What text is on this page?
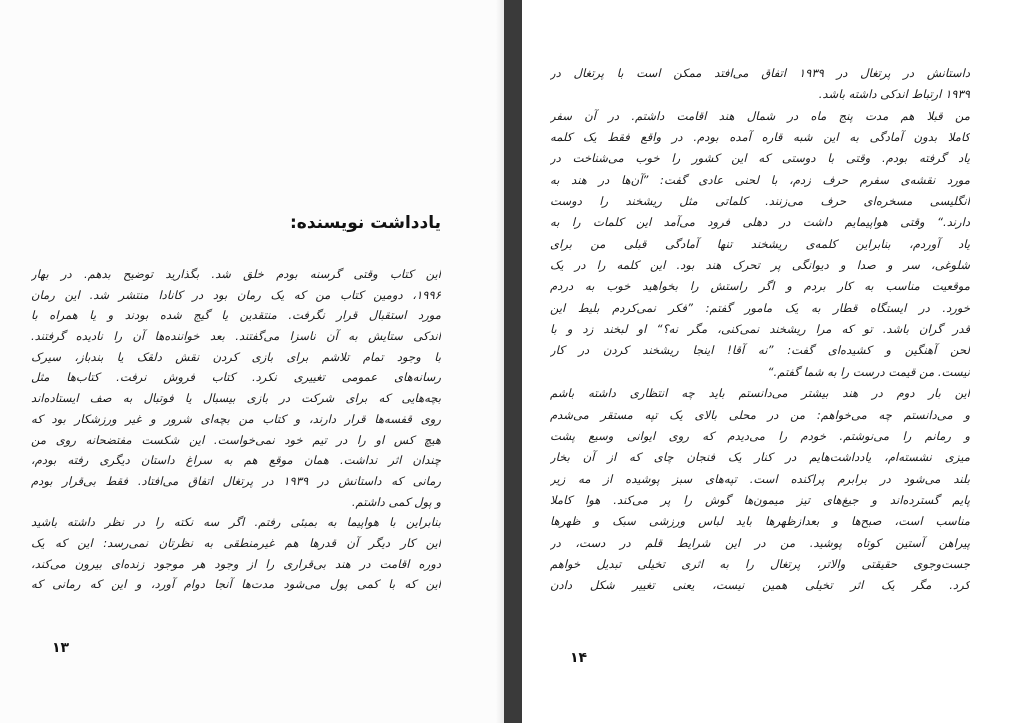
یادداشت نویسنده:
این کتاب وقتی گرسنه بودم خلق شد. بگذارید توضیح بدهم. در بهار
۱۹۹۶، دومین کتاب من که یک رمان بود در کانادا منتشر شد. این رمان
مورد استقبال قرار نگرفت. منتقدین یا گیج شده بودند و یا همراه با
اندکی ستایش به آن ناسزا می‌گفتند. بعد خواننده‌ها آن را نادیده گرفتند.
با وجود تمام تلاشم برای بازی کردن نقش دلقک یا بندباز، سیرک
رسانه‌های عمومی تغییری نکرد. کتاب فروش نرفت. کتاب‌ها مثل
بچه‌هایی که برای شرکت در بازی بیسبال یا فوتبال به صف ایستاده‌اند
روی قفسه‌ها قرار دارند، و کتاب من بچه‌ای شرور و غیر ورزشکار بود که
هیچ کس او را در تیم خود نمی‌خواست. این شکست مفتضحانه روی من
چندان اثر نداشت. همان موقع هم به سراغ داستان دیگری رفته بودم،
رمانی که داستانش در ۱۹۳۹ در پرتغال اتفاق می‌افتاد. فقط بی‌قرار بودم
و پول کمی داشتم.
بنابراین با هواپیما به بمبئی رفتم. اگر سه نکته را در نظر داشته باشید
این کار دیگر آن قدرها هم غیرمنطقی به نظرتان نمی‌رسد: این که یک
دوره اقامت در هند بی‌قراری را از وجود هر موجود زنده‌ای بیرون می‌کند،
این که با کمی پول می‌شود مدت‌ها آنجا دوام آورد، و این که رمانی که
۱۳
داستانش در پرتغال در ۱۹۳۹ اتفاق می‌افتد ممکن است با پرتغال در
۱۹۳۹ ارتباط اندکی داشته باشد.
من قبلا هم مدت پنج ماه در شمال هند اقامت داشتم. در آن سفر
کاملا بدون آمادگی به این شبه قاره آمده بودم. در واقع فقط یک کلمه
یاد گرفته بودم. وقتی با دوستی که این کشور را خوب می‌شناخت در
مورد نقشه‌ی سفرم حرف زدم، با لحنی عادی گفت: ”آن‌ها در هند به
انگلیسی مسخره‌ای حرف می‌زنند. کلماتی مثل ریشخند را دوست
دارند.“ وقتی هواپیمایم داشت در دهلی فرود می‌آمد این کلمات را به
یاد آوردم، بنابراین کلمه‌ی ریشخند تنها آمادگی قبلی من برای
شلوغی، سر و صدا و دیوانگی پر تحرک هند بود. این کلمه را در یک
موقعیت مناسب به کار بردم و اگر راستش را بخواهید خوب به دردم
خورد. در ایستگاه قطار به یک مامور گفتم: ”فکر نمی‌کردم بلیط این
قدر گران باشد. تو که مرا ریشخند نمی‌کنی، مگر نه؟“ او لبخند زد و با
لحن آهنگین و کشیده‌ای گفت: ”نه آقا! اینجا ریشخند کردن در کار
نیست. من قیمت درست را به شما گفتم.“
این بار دوم در هند بیشتر می‌دانستم باید چه انتظاری داشته باشم
و می‌دانستم چه می‌خواهم: من در محلی بالای یک تپه مستقر می‌شدم
و رمانم را می‌نوشتم. خودم را می‌دیدم که روی ایوانی وسیع پشت
میزی نشسته‌ام، یادداشت‌هایم در کنار یک فنجان چای که از آن بخار
بلند می‌شود در برابرم پراکنده است. تپه‌های سبز پوشیده از مه زیر
پایم گسترده‌اند و جیغ‌های تیز میمون‌ها گوش را پر می‌کند. هوا کاملا
مناسب است، صبح‌ها و بعدازظهرها باید لباس ورزشی سبک و ظهرها
پیراهن آستین کوتاه پوشید. من در این شرایط قلم در دست، در
جست‌وجوی حقیقتی والاتر، پرتغال را به اثری تخیلی تبدیل خواهم
کرد. مگر یک اثر تخیلی همین نیست، یعنی تغییر شکل دادن
۱۴
